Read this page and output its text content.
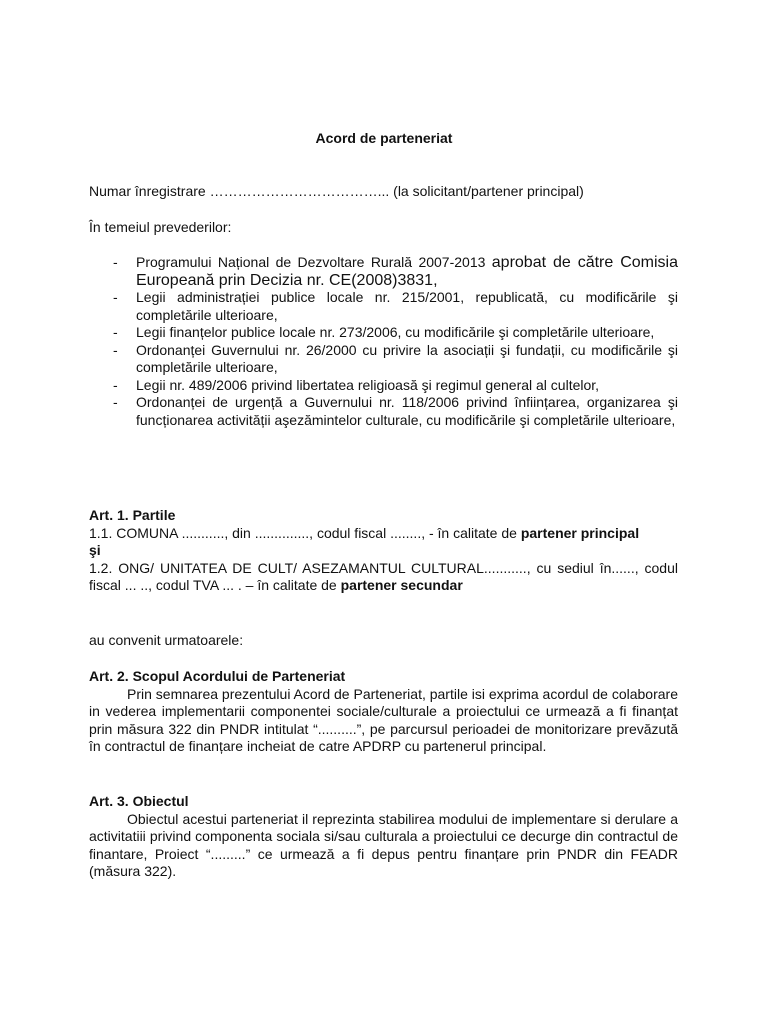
Acord de parteneriat

Numar înregistrare ………………………………... (la solicitant/partener principal)

În temeiul prevederilor:

- Programului Național de Dezvoltare Rurală 2007-2013 aprobat de către Comisia Europeană prin Decizia nr. CE(2008)3831,
- Legii administrației publice locale nr. 215/2001, republicată, cu modificările şi completările ulterioare,
- Legii finanțelor publice locale nr. 273/2006, cu modificările şi completările ulterioare,
- Ordonanței Guvernului nr. 26/2000 cu privire la asociații şi fundații, cu modificările şi completările ulterioare,
- Legii nr. 489/2006 privind libertatea religioasă şi regimul general al cultelor,
- Ordonanței de urgență a Guvernului nr. 118/2006 privind înființarea, organizarea şi funcționarea activității aşezămintelor culturale, cu modificările şi completările ulterioare,

Art. 1. Partile

1.1. COMUNA ..........., din .............., codul fiscal ........, - în calitate de partener principal

şi

1.2. ONG/ UNITATEA DE CULT/ ASEZAMANTUL CULTURAL..........., cu sediul în......, codul fiscal ... .., codul TVA ... . – în calitate de partener secundar

au convenit urmatoarele:

Art. 2. Scopul Acordului de Parteneriat

Prin semnarea prezentului Acord de Parteneriat, partile isi exprima acordul de colaborare in vederea implementarii componentei sociale/culturale a proiectului ce urmează a fi finanțat prin măsura 322 din PNDR intitulat “..........”, pe parcursul perioadei de monitorizare prevăzută în contractul de finanțare incheiat de catre APDRP cu partenerul principal.

Art. 3. Obiectul

Obiectul acestui parteneriat il reprezinta stabilirea modului de implementare si derulare a activitatiii privind componenta sociala si/sau culturala a proiectului ce decurge din contractul de finantare, Proiect “.........” ce urmează a fi depus pentru finanțare prin PNDR din FEADR (măsura 322).
